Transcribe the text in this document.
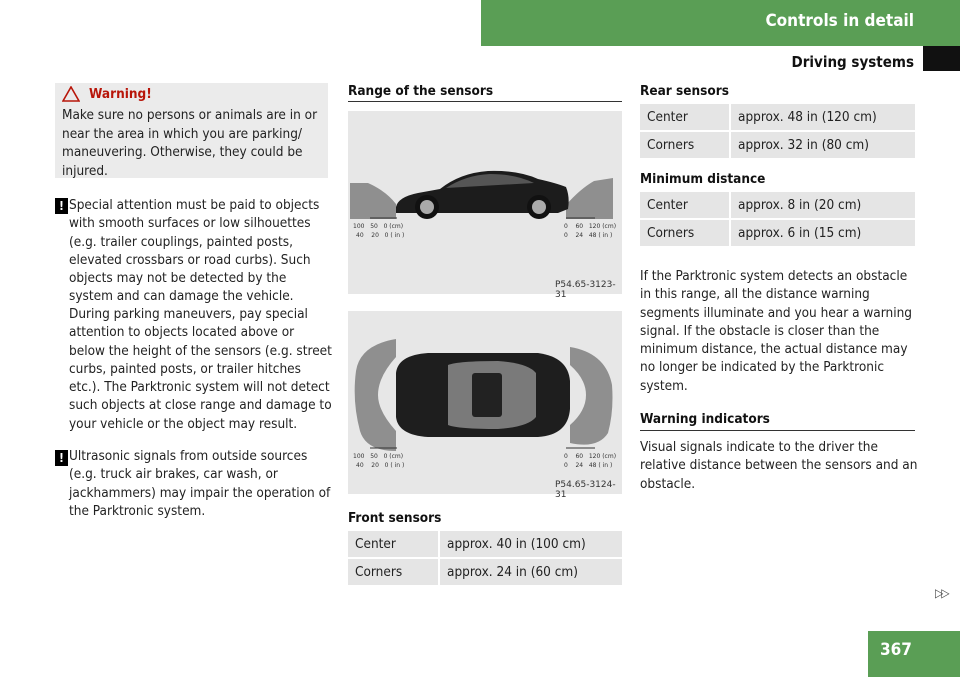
Controls in detail
Driving systems
Warning!
Make sure no persons or animals are in or near the area in which you are parking/ maneuvering. Otherwise, they could be injured.
! Special attention must be paid to objects with smooth surfaces or low silhouettes (e.g. trailer couplings, painted posts, elevated crossbars or road curbs). Such objects may not be detected by the system and can damage the vehicle.
During parking maneuvers, pay special attention to objects located above or below the height of the sensors (e.g. street curbs, painted posts, or trailer hitches etc.). The Parktronic system will not detect such objects at close range and damage to your vehicle or the object may result.
! Ultrasonic signals from outside sources (e.g. truck air brakes, car wash, or jackhammers) may impair the operation of the Parktronic system.
Range of the sensors
100 50 0 (cm)
40 20 0 ( in )
0 60 120 (cm)
0 24 48 ( in )
P54.65-3123-31
100 50 0 (cm)
40 20 0 ( in )
0 60 120 (cm)
0 24 48 ( in )
P54.65-3124-31
Front sensors
Center	approx. 40 in (100 cm)
Corners	approx. 24 in (60 cm)
Rear sensors
Center	approx. 48 in (120 cm)
Corners	approx. 32 in (80 cm)
Minimum distance
Center	approx. 8 in (20 cm)
Corners	approx. 6 in (15 cm)
If the Parktronic system detects an obstacle in this range, all the distance warning segments illuminate and you hear a warning signal. If the obstacle is closer than the minimum distance, the actual distance may no longer be indicated by the Parktronic system.
Warning indicators
Visual signals indicate to the driver the relative distance between the sensors and an obstacle.
▷▷
367
carmanualsonline.info
